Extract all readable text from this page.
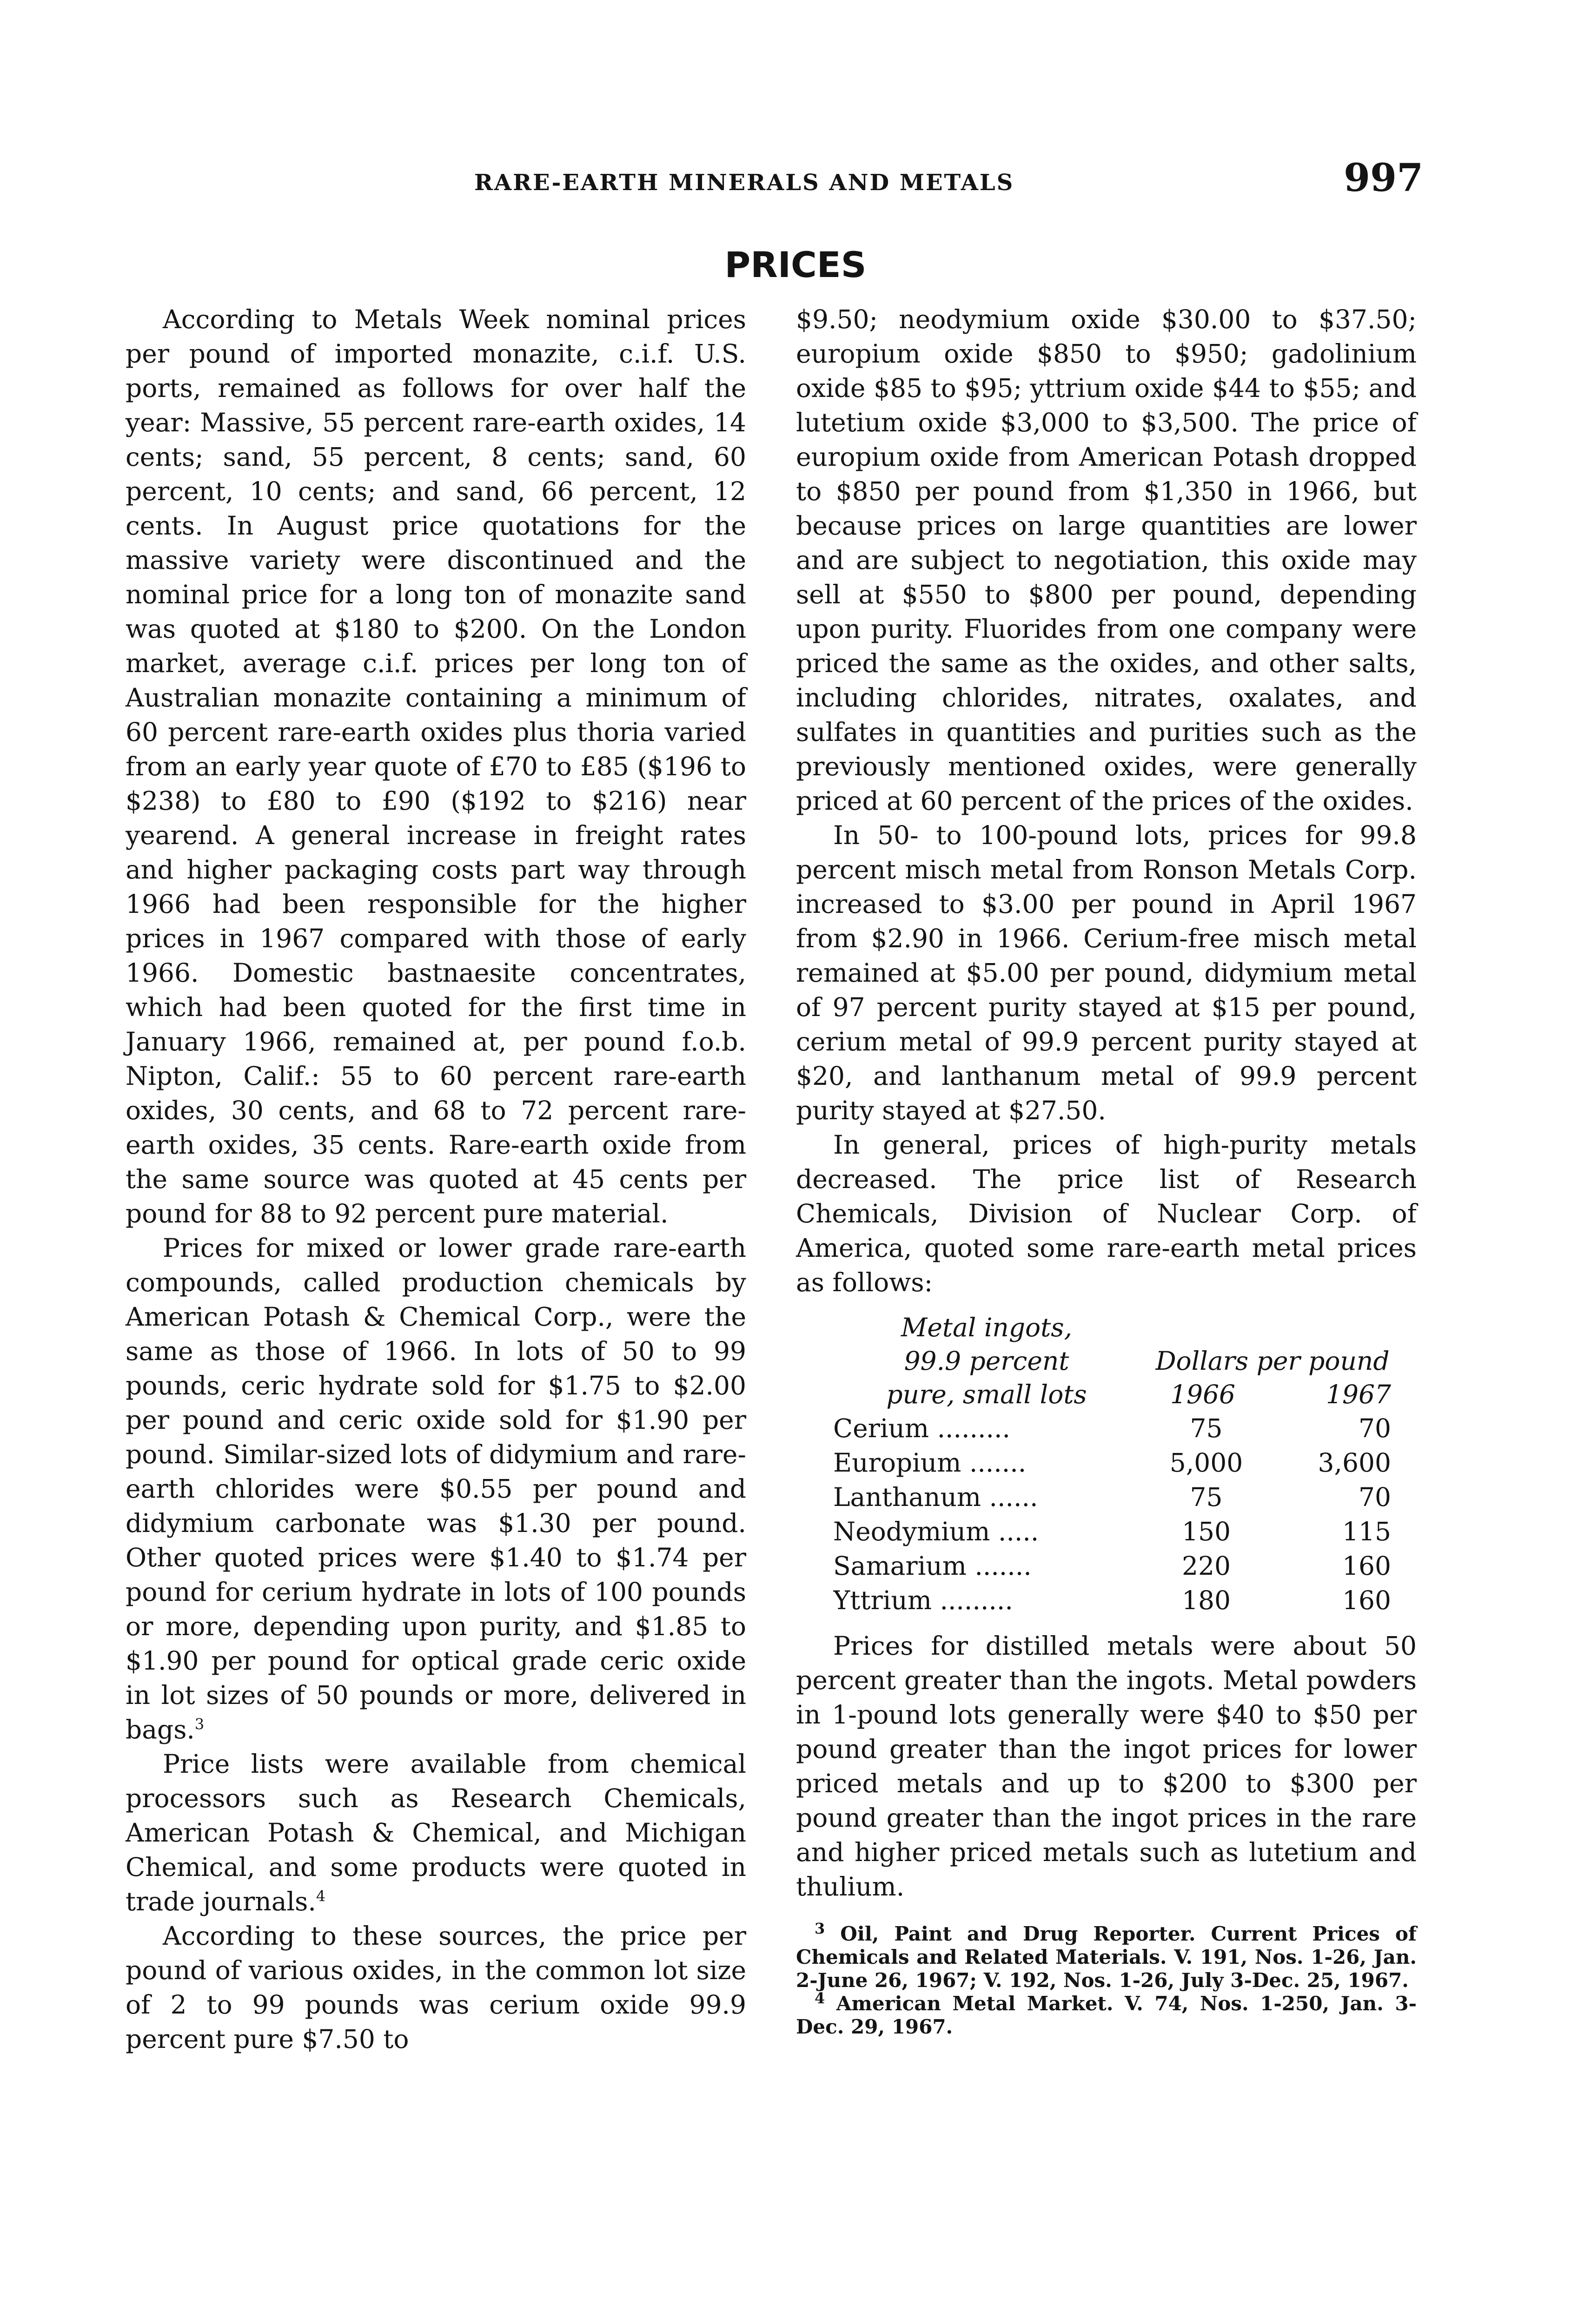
RARE-EARTH MINERALS AND METALS	997
PRICES

According to Metals Week nominal prices per pound of imported monazite, c.i.f. U.S. ports, remained as follows for over half the year: Massive, 55 percent rare-earth oxides, 14 cents; sand, 55 percent, 8 cents; sand, 60 percent, 10 cents; and sand, 66 percent, 12 cents. In August price quotations for the massive variety were discontinued and the nominal price for a long ton of monazite sand was quoted at $180 to $200. On the London market, average c.i.f. prices per long ton of Australian monazite containing a minimum of 60 percent rare-earth oxides plus thoria varied from an early year quote of £70 to £85 ($196 to $238) to £80 to £90 ($192 to $216) near yearend. A general increase in freight rates and higher packaging costs part way through 1966 had been responsible for the higher prices in 1967 compared with those of early 1966. Domestic bastnaesite concentrates, which had been quoted for the first time in January 1966, remained at, per pound f.o.b. Nipton, Calif.: 55 to 60 percent rare-earth oxides, 30 cents, and 68 to 72 percent rare-earth oxides, 35 cents. Rare-earth oxide from the same source was quoted at 45 cents per pound for 88 to 92 percent pure material.

Prices for mixed or lower grade rare-earth compounds, called production chemicals by American Potash & Chemical Corp., were the same as those of 1966. In lots of 50 to 99 pounds, ceric hydrate sold for $1.75 to $2.00 per pound and ceric oxide sold for $1.90 per pound. Similar-sized lots of didymium and rare-earth chlorides were $0.55 per pound and didymium carbonate was $1.30 per pound. Other quoted prices were $1.40 to $1.74 per pound for cerium hydrate in lots of 100 pounds or more, depending upon purity, and $1.85 to $1.90 per pound for optical grade ceric oxide in lot sizes of 50 pounds or more, delivered in bags.$^3$

Price lists were available from chemical processors such as Research Chemicals, American Potash & Chemical, and Michigan Chemical, and some products were quoted in trade journals.$^4$

According to these sources, the price per pound of various oxides, in the common lot size of 2 to 99 pounds was cerium oxide 99.9 percent pure $7.50 to

$9.50; neodymium oxide $30.00 to $37.50; europium oxide $850 to $950; gadolinium oxide $85 to $95; yttrium oxide $44 to $55; and lutetium oxide $3,000 to $3,500. The price of europium oxide from American Potash dropped to $850 per pound from $1,350 in 1966, but because prices on large quantities are lower and are subject to negotiation, this oxide may sell at $550 to $800 per pound, depending upon purity. Fluorides from one company were priced the same as the oxides, and other salts, including chlorides, nitrates, oxalates, and sulfates in quantities and purities such as the previously mentioned oxides, were generally priced at 60 percent of the prices of the oxides.

In 50- to 100-pound lots, prices for 99.8 percent misch metal from Ronson Metals Corp. increased to $3.00 per pound in April 1967 from $2.90 in 1966. Cerium-free misch metal remained at $5.00 per pound, didymium metal of 97 percent purity stayed at $15 per pound, cerium metal of 99.9 percent purity stayed at $20, and lanthanum metal of 99.9 percent purity stayed at $27.50.

In general, prices of high-purity metals decreased. The price list of Research Chemicals, Division of Nuclear Corp. of America, quoted some rare-earth metal prices as follows:

Metal ingots,
99.9 percent
pure, small lots
Dollars per pound
1966	1967
Cerium .........	75	70
Europium .......	5,000	3,600
Lanthanum ......	75	70
Neodymium .....	150	115
Samarium .......	220	160
Yttrium .........	180	160

Prices for distilled metals were about 50 percent greater than the ingots. Metal powders in 1-pound lots generally were $40 to $50 per pound greater than the ingot prices for lower priced metals and up to $200 to $300 per pound greater than the ingot prices in the rare and higher priced metals such as lutetium and thulium.

$^3$ Oil, Paint and Drug Reporter. Current Prices of Chemicals and Related Materials. V. 191, Nos. 1-26, Jan. 2-June 26, 1967; V. 192, Nos. 1-26, July 3-Dec. 25, 1967.

$^4$ American Metal Market. V. 74, Nos. 1-250, Jan. 3-Dec. 29, 1967.
